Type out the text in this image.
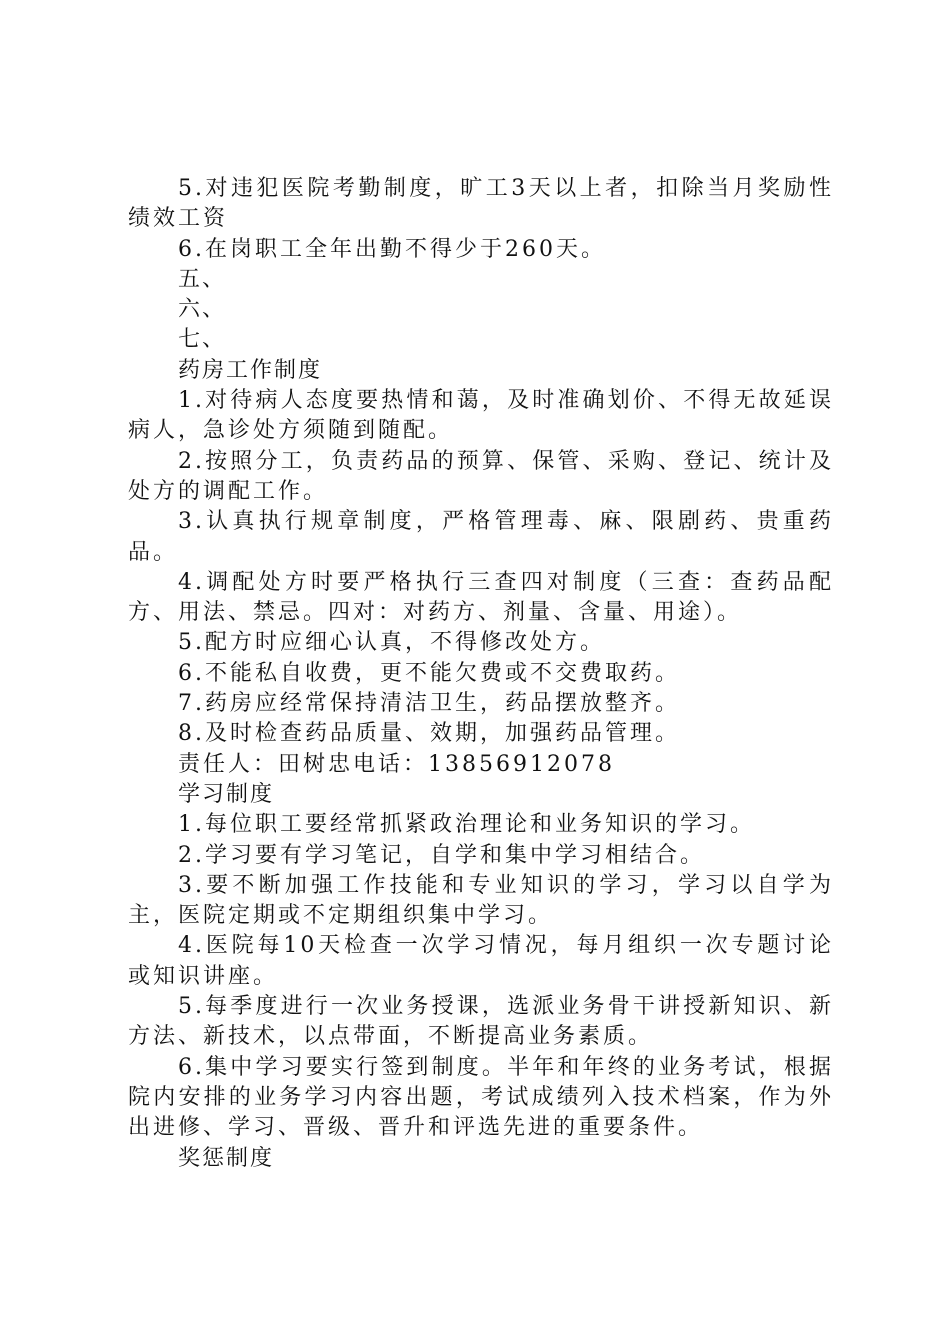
5.对违犯医院考勤制度，旷工3天以上者，扣除当月奖励性绩效工资

6.在岗职工全年出勤不得少于260天。

五、

六、

七、

药房工作制度

1.对待病人态度要热情和蔼，及时准确划价、不得无故延误病人，急诊处方须随到随配。

2.按照分工，负责药品的预算、保管、采购、登记、统计及处方的调配工作。

3.认真执行规章制度，严格管理毒、麻、限剧药、贵重药品。

4.调配处方时要严格执行三查四对制度（三查：查药品配方、用法、禁忌。四对：对药方、剂量、含量、用途）。

5.配方时应细心认真，不得修改处方。

6.不能私自收费，更不能欠费或不交费取药。

7.药房应经常保持清洁卫生，药品摆放整齐。

8.及时检查药品质量、效期，加强药品管理。

责任人：田树忠电话：13856912078

学习制度

1.每位职工要经常抓紧政治理论和业务知识的学习。

2.学习要有学习笔记，自学和集中学习相结合。

3.要不断加强工作技能和专业知识的学习，学习以自学为主，医院定期或不定期组织集中学习。

4.医院每10天检查一次学习情况，每月组织一次专题讨论或知识讲座。

5.每季度进行一次业务授课，选派业务骨干讲授新知识、新方法、新技术，以点带面，不断提高业务素质。

6.集中学习要实行签到制度。半年和年终的业务考试，根据院内安排的业务学习内容出题，考试成绩列入技术档案，作为外出进修、学习、晋级、晋升和评选先进的重要条件。

奖惩制度
